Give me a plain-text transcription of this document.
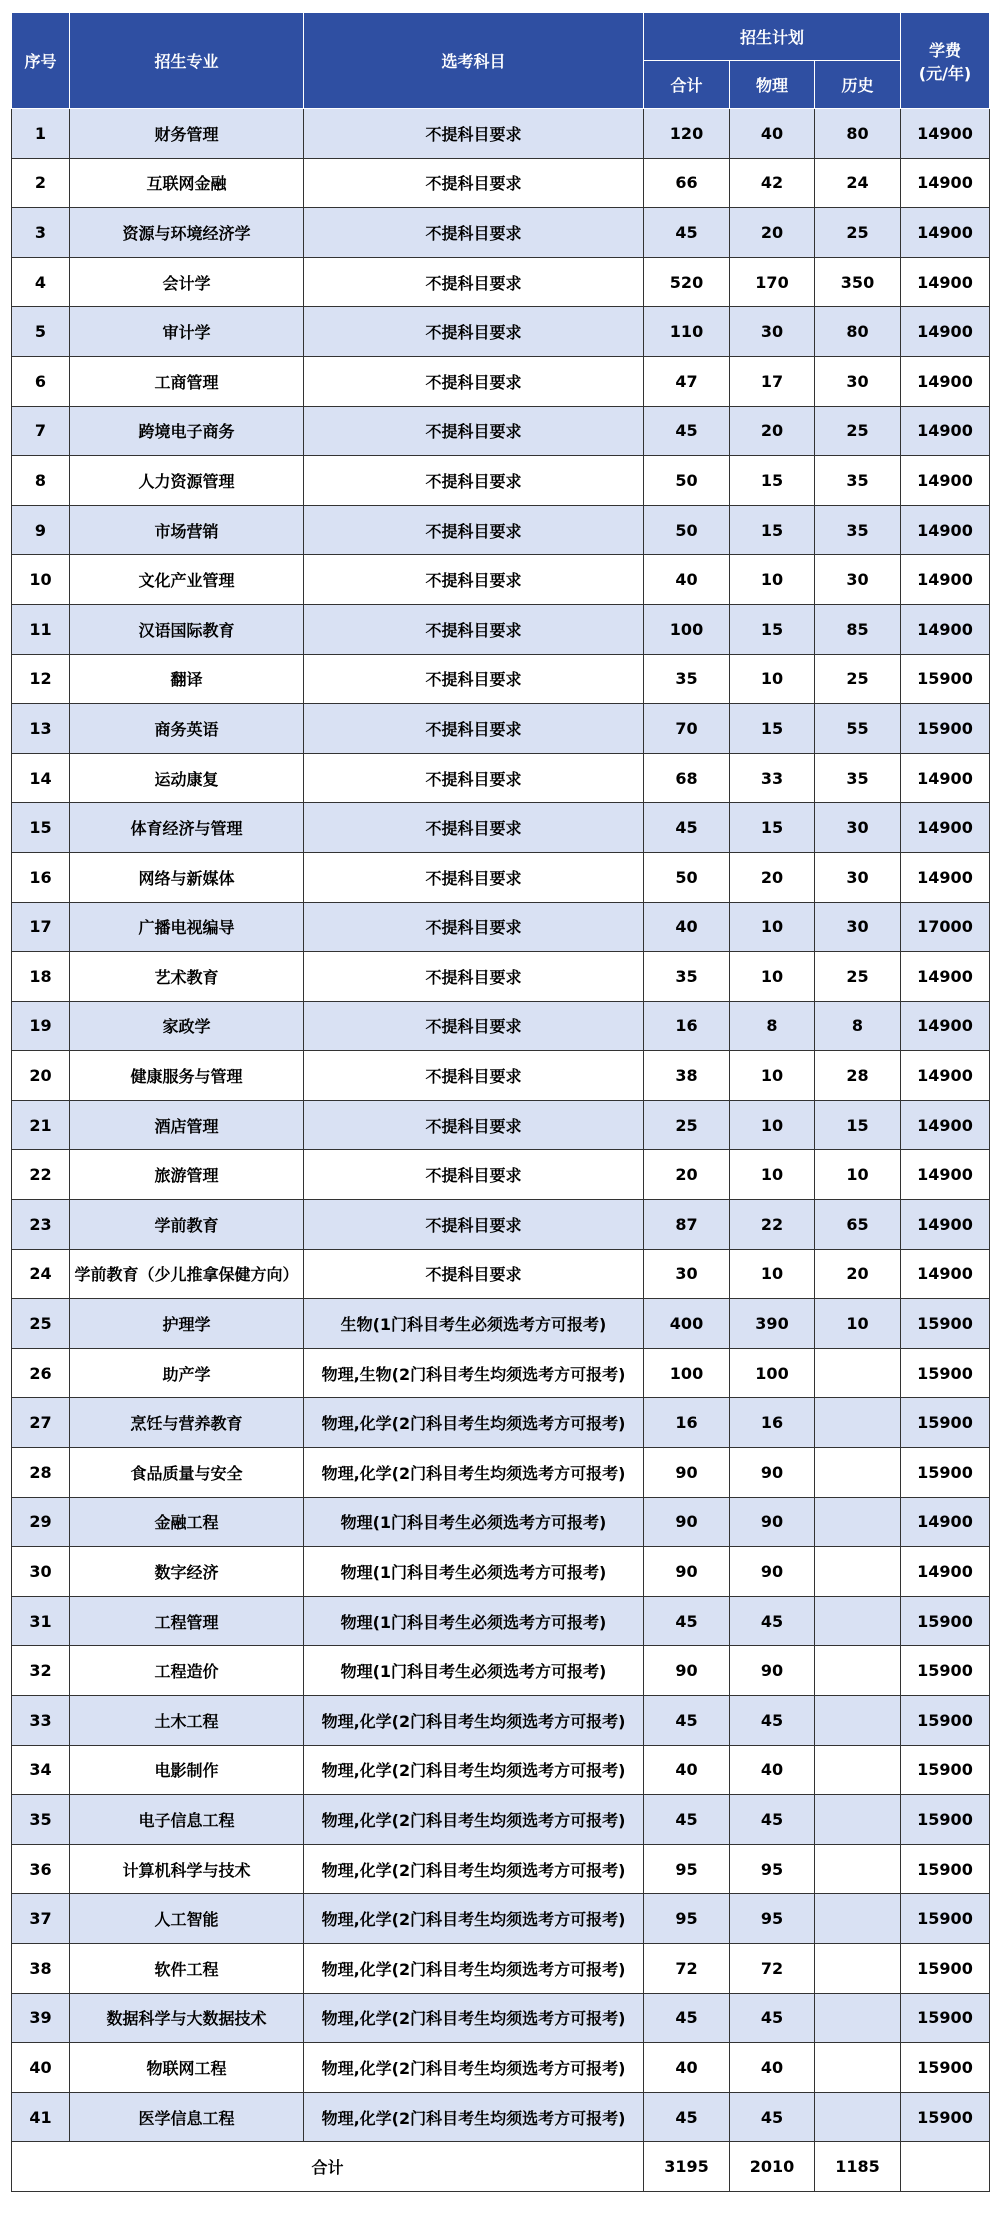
序号	招生专业	选考科目	招生计划			学费
(元/年)
			合计	物理	历史	
1	财务管理	不提科目要求	120	40	80	14900
2	互联网金融	不提科目要求	66	42	24	14900
3	资源与环境经济学	不提科目要求	45	20	25	14900
4	会计学	不提科目要求	520	170	350	14900
5	审计学	不提科目要求	110	30	80	14900
6	工商管理	不提科目要求	47	17	30	14900
7	跨境电子商务	不提科目要求	45	20	25	14900
8	人力资源管理	不提科目要求	50	15	35	14900
9	市场营销	不提科目要求	50	15	35	14900
10	文化产业管理	不提科目要求	40	10	30	14900
11	汉语国际教育	不提科目要求	100	15	85	14900
12	翻译	不提科目要求	35	10	25	15900
13	商务英语	不提科目要求	70	15	55	15900
14	运动康复	不提科目要求	68	33	35	14900
15	体育经济与管理	不提科目要求	45	15	30	14900
16	网络与新媒体	不提科目要求	50	20	30	14900
17	广播电视编导	不提科目要求	40	10	30	17000
18	艺术教育	不提科目要求	35	10	25	14900
19	家政学	不提科目要求	16	8	8	14900
20	健康服务与管理	不提科目要求	38	10	28	14900
21	酒店管理	不提科目要求	25	10	15	14900
22	旅游管理	不提科目要求	20	10	10	14900
23	学前教育	不提科目要求	87	22	65	14900
24	学前教育（少儿推拿保健方向）	不提科目要求	30	10	20	14900
25	护理学	生物(1门科目考生必须选考方可报考)	400	390	10	15900
26	助产学	物理,生物(2门科目考生均须选考方可报考)	100	100		15900
27	烹饪与营养教育	物理,化学(2门科目考生均须选考方可报考)	16	16		15900
28	食品质量与安全	物理,化学(2门科目考生均须选考方可报考)	90	90		15900
29	金融工程	物理(1门科目考生必须选考方可报考)	90	90		14900
30	数字经济	物理(1门科目考生必须选考方可报考)	90	90		14900
31	工程管理	物理(1门科目考生必须选考方可报考)	45	45		15900
32	工程造价	物理(1门科目考生必须选考方可报考)	90	90		15900
33	土木工程	物理,化学(2门科目考生均须选考方可报考)	45	45		15900
34	电影制作	物理,化学(2门科目考生均须选考方可报考)	40	40		15900
35	电子信息工程	物理,化学(2门科目考生均须选考方可报考)	45	45		15900
36	计算机科学与技术	物理,化学(2门科目考生均须选考方可报考)	95	95		15900
37	人工智能	物理,化学(2门科目考生均须选考方可报考)	95	95		15900
38	软件工程	物理,化学(2门科目考生均须选考方可报考)	72	72		15900
39	数据科学与大数据技术	物理,化学(2门科目考生均须选考方可报考)	45	45		15900
40	物联网工程	物理,化学(2门科目考生均须选考方可报考)	40	40		15900
41	医学信息工程	物理,化学(2门科目考生均须选考方可报考)	45	45		15900
合计			3195	2010	1185	
